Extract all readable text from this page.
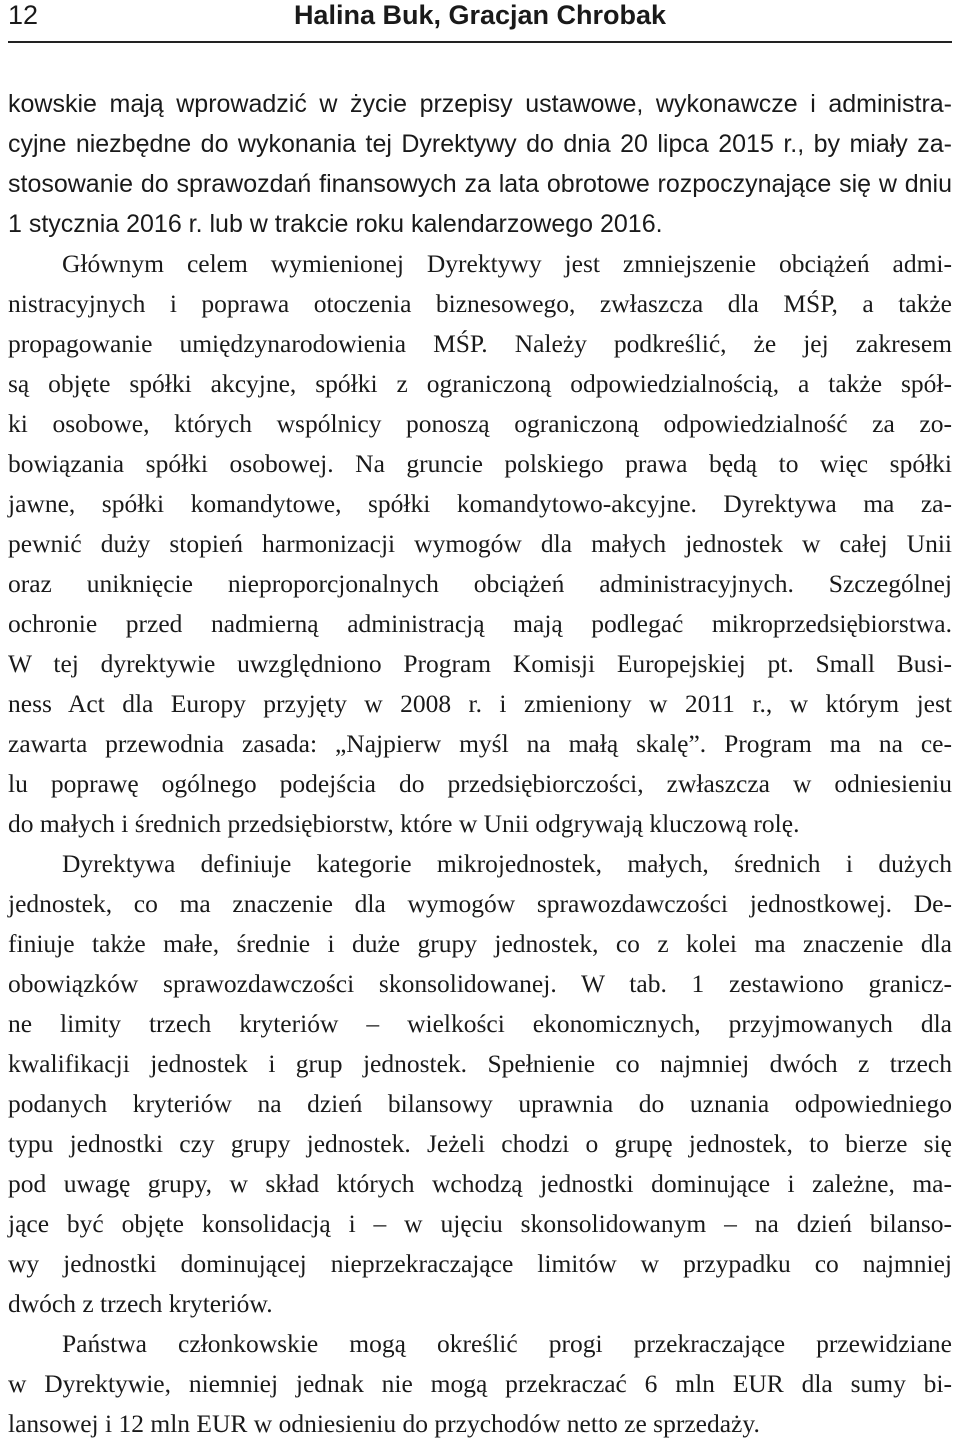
12	Halina Buk, Gracjan Chrobak
kowskie mają wprowadzić w życie przepisy ustawowe, wykonawcze i administra-
cyjne niezbędne do wykonania tej Dyrektywy do dnia 20 lipca 2015 r., by miały za-
stosowanie do sprawozdań finansowych za lata obrotowe rozpoczynające się w dniu
1 stycznia 2016 r. lub w trakcie roku kalendarzowego 2016.
Głównym celem wymienionej Dyrektywy jest zmniejszenie obciążeń admi-
nistracyjnych i poprawa otoczenia biznesowego, zwłaszcza dla MŚP, a także
propagowanie umiędzynarodowienia MŚP. Należy podkreślić, że jej zakresem
są objęte spółki akcyjne, spółki z ograniczoną odpowiedzialnością, a także spół-
ki osobowe, których wspólnicy ponoszą ograniczoną odpowiedzialność za zo-
bowiązania spółki osobowej. Na gruncie polskiego prawa będą to więc spółki
jawne, spółki komandytowe, spółki komandytowo-akcyjne. Dyrektywa ma za-
pewnić duży stopień harmonizacji wymogów dla małych jednostek w całej Unii
oraz uniknięcie nieproporcjonalnych obciążeń administracyjnych. Szczególnej
ochronie przed nadmierną administracją mają podlegać mikroprzedsiębiorstwa.
W tej dyrektywie uwzględniono Program Komisji Europejskiej pt. Small Busi-
ness Act dla Europy przyjęty w 2008 r. i zmieniony w 2011 r., w którym jest
zawarta przewodnia zasada: „Najpierw myśl na małą skalę”. Program ma na ce-
lu poprawę ogólnego podejścia do przedsiębiorczości, zwłaszcza w odniesieniu
do małych i średnich przedsiębiorstw, które w Unii odgrywają kluczową rolę.
Dyrektywa definiuje kategorie mikrojednostek, małych, średnich i dużych
jednostek, co ma znaczenie dla wymogów sprawozdawczości jednostkowej. De-
finiuje także małe, średnie i duże grupy jednostek, co z kolei ma znaczenie dla
obowiązków sprawozdawczości skonsolidowanej. W tab. 1 zestawiono granicz-
ne limity trzech kryteriów – wielkości ekonomicznych, przyjmowanych dla
kwalifikacji jednostek i grup jednostek. Spełnienie co najmniej dwóch z trzech
podanych kryteriów na dzień bilansowy uprawnia do uznania odpowiedniego
typu jednostki czy grupy jednostek. Jeżeli chodzi o grupę jednostek, to bierze się
pod uwagę grupy, w skład których wchodzą jednostki dominujące i zależne, ma-
jące być objęte konsolidacją i – w ujęciu skonsolidowanym – na dzień bilanso-
wy jednostki dominującej nieprzekraczające limitów w przypadku co najmniej
dwóch z trzech kryteriów.
Państwa członkowskie mogą określić progi przekraczające przewidziane
w Dyrektywie, niemniej jednak nie mogą przekraczać 6 mln EUR dla sumy bi-
lansowej i 12 mln EUR w odniesieniu do przychodów netto ze sprzedaży.
